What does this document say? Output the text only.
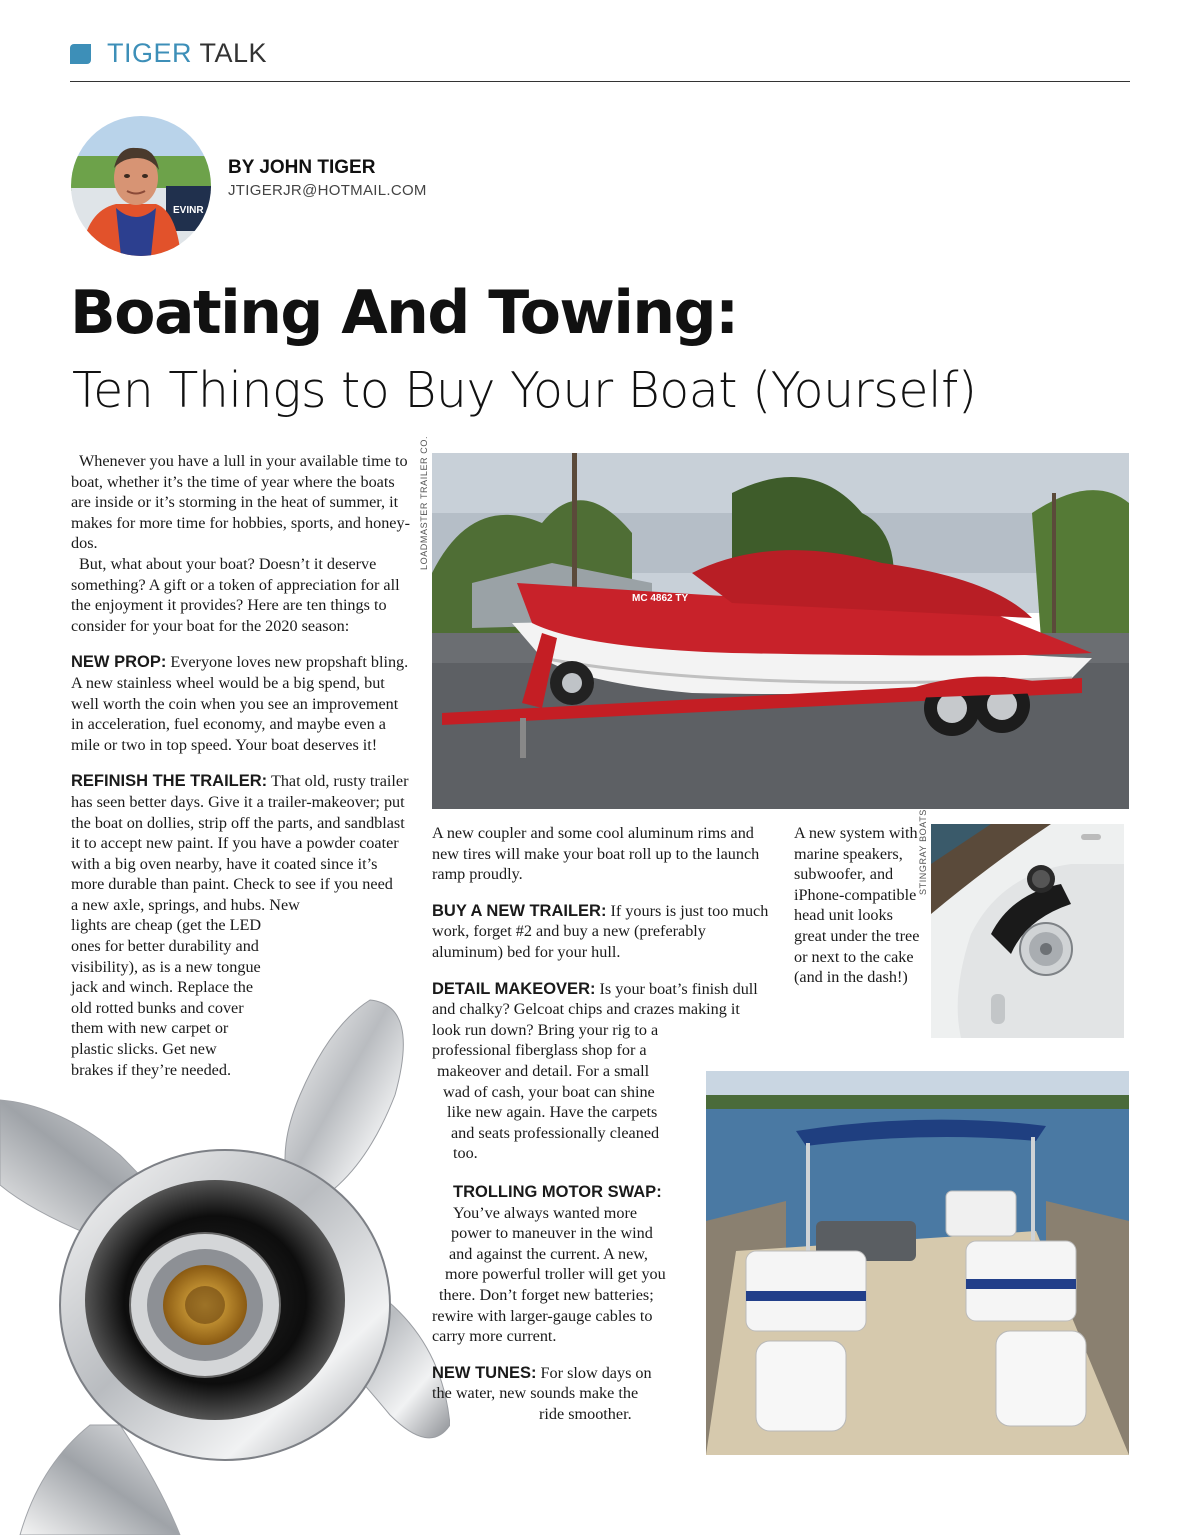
TIGER TALK
EVINR
BY JOHN TIGER
JTIGERJR@HOTMAIL.COM
Boating And Towing:
Ten Things to Buy Your Boat (Yourself)
LOADMASTER TRAILER CO.
MC 4862 TY
STINGRAY BOATS

Whenever you have a lull in your available time to boat, whether it’s the time of year where the boats are inside or it’s storming in the heat of summer, it makes for more time for hobbies, sports, and honey-dos.

But, what about your boat? Doesn’t it deserve something? A gift or a token of appreciation for all the enjoyment it provides? Here are ten things to consider for your boat for the 2020 season:

NEW PROP: Everyone loves new propshaft bling. A new stainless wheel would be a big spend, but well worth the coin when you see an improvement in acceleration, fuel economy, and maybe even a mile or two in top speed. Your boat deserves it!

REFINISH THE TRAILER: That old, rusty trailer has seen better days. Give it a trailer-makeover; put the boat on dollies, strip off the parts, and sandblast it to accept new paint. If you have a powder coater with a big oven nearby, have it coated since it’s more durable than paint. Check to see if you need

a new axle, springs, and hubs. New

lights are cheap (get the LED

ones for better durability and

visibility), as is a new tongue

jack and winch. Replace the

old rotted bunks and cover

them with new carpet or

plastic slicks. Get new

brakes if they’re needed.

A new coupler and some cool aluminum rims and new tires will make your boat roll up to the launch ramp proudly.

BUY A NEW TRAILER: If yours is just too much work, forget #2 and buy a new (preferably aluminum) bed for your hull.

DETAIL MAKEOVER: Is your boat’s finish dull and chalky? Gelcoat chips and crazes making it look run down? Bring your rig to a

professional fiberglass shop for a

makeover and detail. For a small

wad of cash, your boat can shine

like new again. Have the carpets

and seats professionally cleaned

too.

TROLLING MOTOR SWAP:

You’ve always wanted more

power to maneuver in the wind

and against the current. A new,

more powerful troller will get you

there. Don’t forget new batteries;

rewire with larger-gauge cables to

carry more current.

NEW TUNES: For slow days on

the water, new sounds make the

ride smoother.

A new system with marine speakers, subwoofer, and iPhone-compatible head unit looks great under the tree or next to the cake (and in the dash!)
